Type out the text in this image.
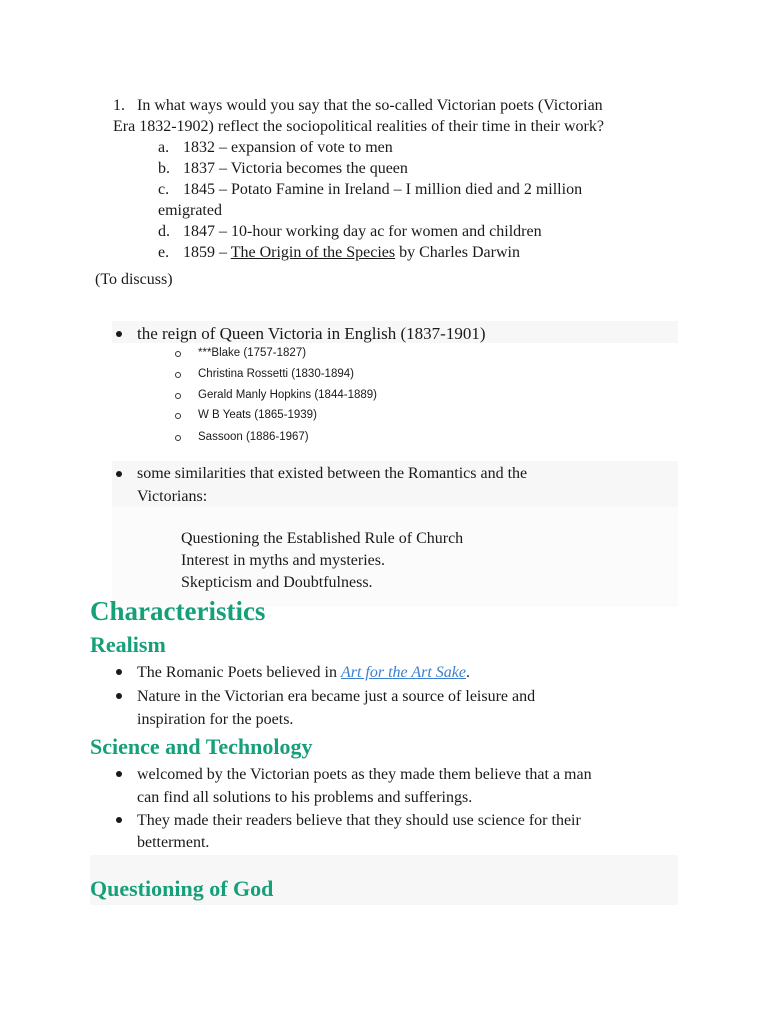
1. In what ways would you say that the so-called Victorian poets (Victorian
Era 1832-1902) reflect the sociopolitical realities of their time in their work?
a. 1832 – expansion of vote to men
b. 1837 – Victoria becomes the queen
c. 1845 – Potato Famine in Ireland – I million died and 2 million
emigrated
d. 1847 – 10-hour working day ac for women and children
e. 1859 – The Origin of the Species by Charles Darwin
(To discuss)
the reign of Queen Victoria in English (1837-1901)
***Blake (1757-1827)
Christina Rossetti (1830-1894)
Gerald Manly Hopkins (1844-1889)
W B Yeats (1865-1939)
Sassoon (1886-1967)
some similarities that existed between the Romantics and the
Victorians:
Questioning the Established Rule of Church
Interest in myths and mysteries.
Skepticism and Doubtfulness.
Characteristics
Realism
The Romanic Poets believed in Art for the Art Sake.
Nature in the Victorian era became just a source of leisure and
inspiration for the poets.
Science and Technology
welcomed by the Victorian poets as they made them believe that a man
can find all solutions to his problems and sufferings.
They made their readers believe that they should use science for their
betterment.
Questioning of God
